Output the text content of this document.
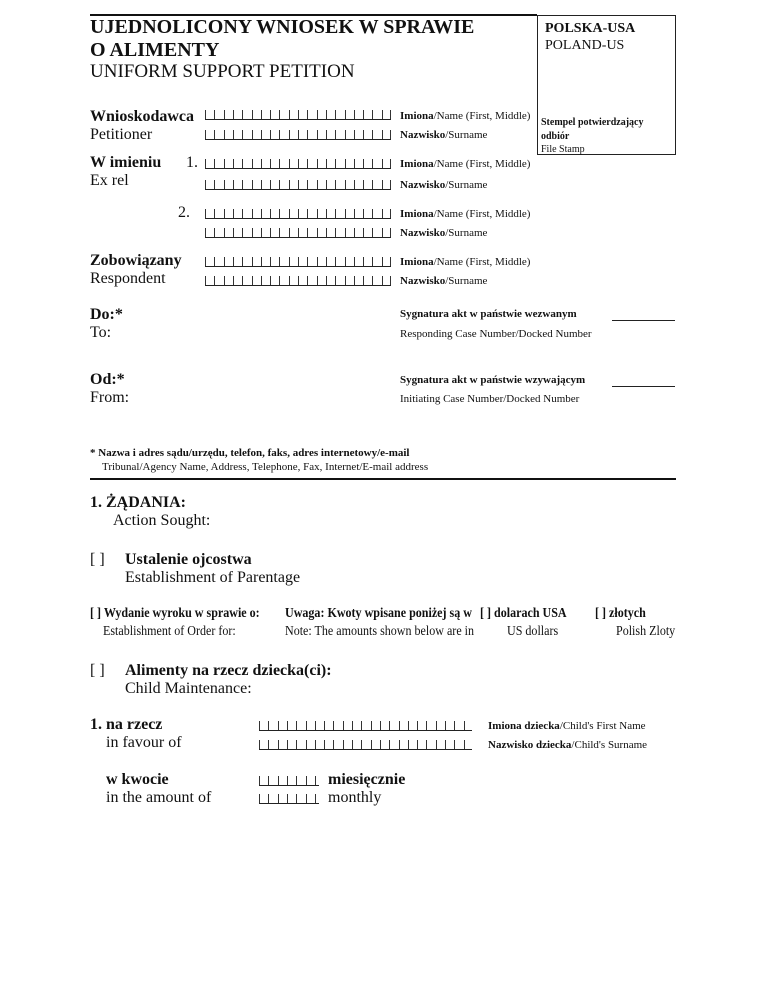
UJEDNOLICONY WNIOSEK W SPRAWIE
O ALIMENTY
UNIFORM SUPPORT PETITION
POLSKA-USA
POLAND-US
Stempel potwierdzający
odbiór
File Stamp
Wnioskodawca
Petitioner
Imiona/Name (First, Middle)
Nazwisko/Surname
W imieniu
Ex rel
1.	Imiona/Name (First, Middle)
Nazwisko/Surname
2.	Imiona/Name (First, Middle)
Nazwisko/Surname
Zobowiązany
Respondent
Imiona/Name (First, Middle)
Nazwisko/Surname
Do:*
To:
Sygnatura akt w państwie wezwanym
Responding Case Number/Docked Number
Od:*
From:
Sygnatura akt w państwie wzywającym
Initiating Case Number/Docked Number
* Nazwa i adres sądu/urzędu, telefon, faks, adres internetowy/e-mail
Tribunal/Agency Name, Address, Telephone, Fax, Internet/E-mail address
1. ŻĄDANIA:
Action Sought:
[ ] Ustalenie ojcostwa
Establishment of Parentage
[ ] Wydanie wyroku w sprawie o:
Establishment of Order for:
Uwaga: Kwoty wpisane poniżej są w
Note: The amounts shown below are in
[ ] dolarach USA
US dollars
[ ] złotych
Polish Zloty
[ ] Alimenty na rzecz dziecka(ci):
Child Maintenance:
1. na rzecz
in favour of
Imiona dziecka/Child's First Name
Nazwisko dziecka/Child's Surname
w kwocie
in the amount of
miesięcznie
monthly
